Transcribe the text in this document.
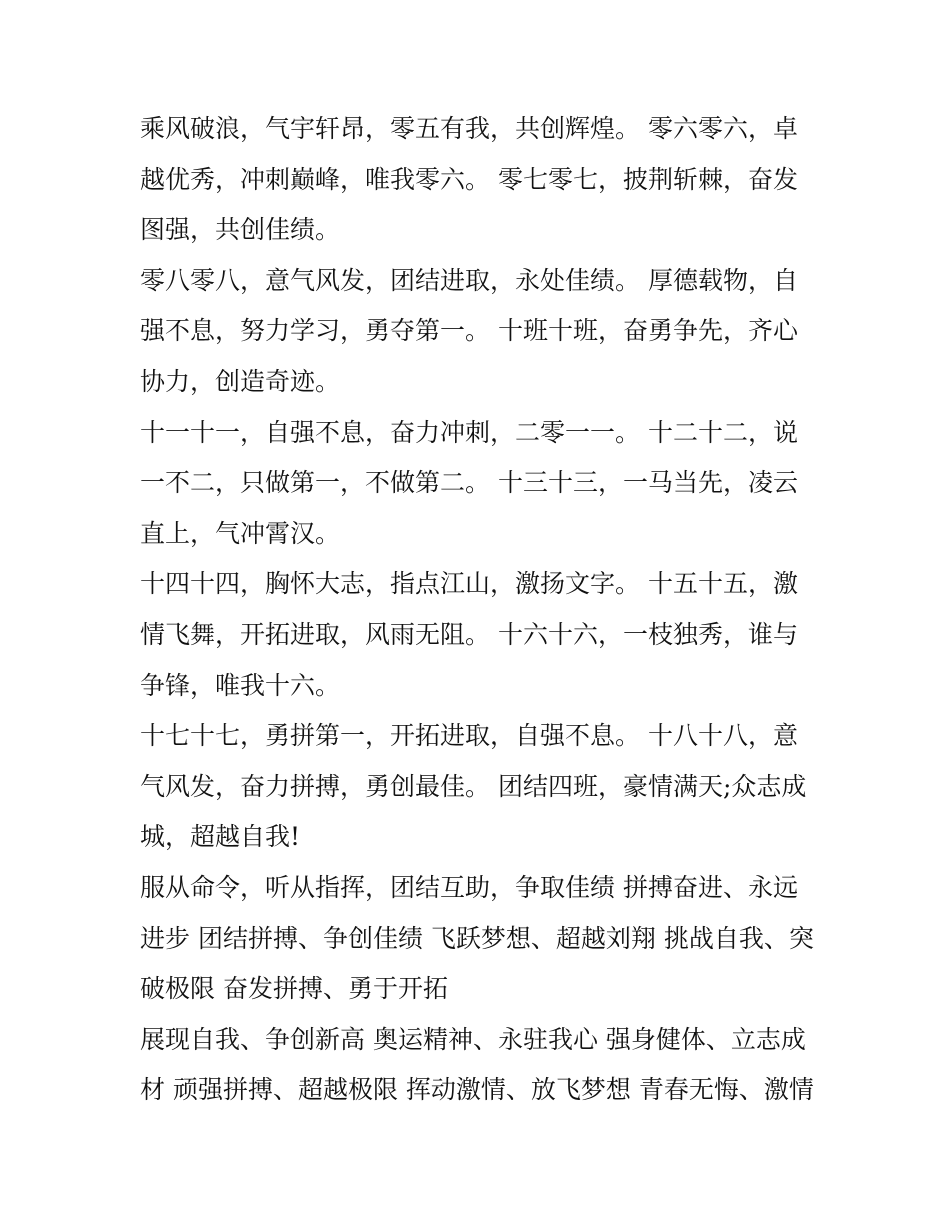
乘风破浪，气宇轩昂，零五有我，共创辉煌。 零六零六，卓
越优秀，冲刺巅峰，唯我零六。 零七零七，披荆斩棘，奋发
图强，共创佳绩。
零八零八，意气风发，团结进取，永处佳绩。 厚德载物，自
强不息，努力学习，勇夺第一。 十班十班，奋勇争先，齐心
协力，创造奇迹。
十一十一，自强不息，奋力冲刺，二零一一。 十二十二，说
一不二，只做第一，不做第二。 十三十三，一马当先，凌云
直上，气冲霄汉。
十四十四，胸怀大志，指点江山，激扬文字。 十五十五，激
情飞舞，开拓进取，风雨无阻。 十六十六，一枝独秀，谁与
争锋，唯我十六。
十七十七，勇拼第一，开拓进取，自强不息。 十八十八，意
气风发，奋力拼搏，勇创最佳。 团结四班，豪情满天;众志成
城，超越自我!
服从命令，听从指挥，团结互助，争取佳绩 拼搏奋进、永远
进步 团结拼搏、争创佳绩 飞跃梦想、超越刘翔 挑战自我、突
破极限 奋发拼搏、勇于开拓
展现自我、争创新高 奥运精神、永驻我心 强身健体、立志成
材 顽强拼搏、超越极限 挥动激情、放飞梦想 青春无悔、激情
